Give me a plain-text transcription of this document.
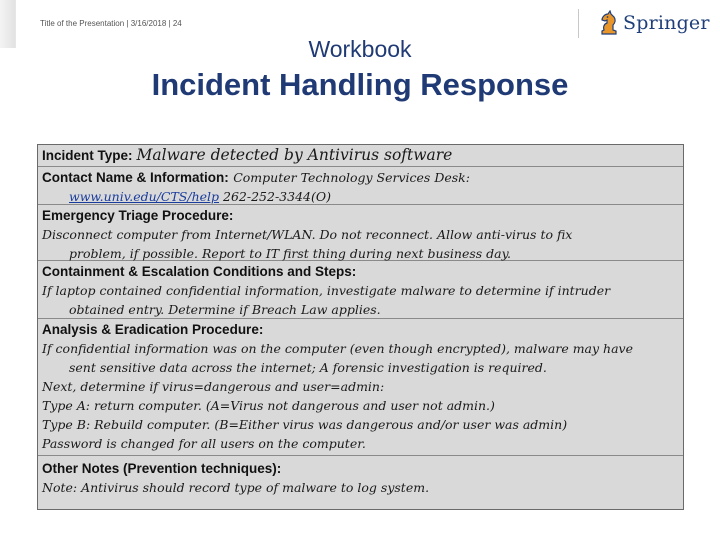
Title of the Presentation | 3/16/2018 | 24	Springer
Workbook
Incident Handling Response
Incident Type: Malware detected by Antivirus software
Contact Name & Information: Computer Technology Services Desk:
www.univ.edu/CTS/help 262-252-3344(O)
Emergency Triage Procedure:
Disconnect computer from Internet/WLAN. Do not reconnect. Allow anti-virus to fix
problem, if possible. Report to IT first thing during next business day.
Containment & Escalation Conditions and Steps:
If laptop contained confidential information, investigate malware to determine if intruder
obtained entry. Determine if Breach Law applies.
Analysis & Eradication Procedure:
If confidential information was on the computer (even though encrypted), malware may have
sent sensitive data across the internet; A forensic investigation is required.
Next, determine if virus=dangerous and user=admin:
Type A: return computer. (A=Virus not dangerous and user not admin.)
Type B: Rebuild computer. (B=Either virus was dangerous and/or user was admin)
Password is changed for all users on the computer.
Other Notes (Prevention techniques):
Note: Antivirus should record type of malware to log system.
